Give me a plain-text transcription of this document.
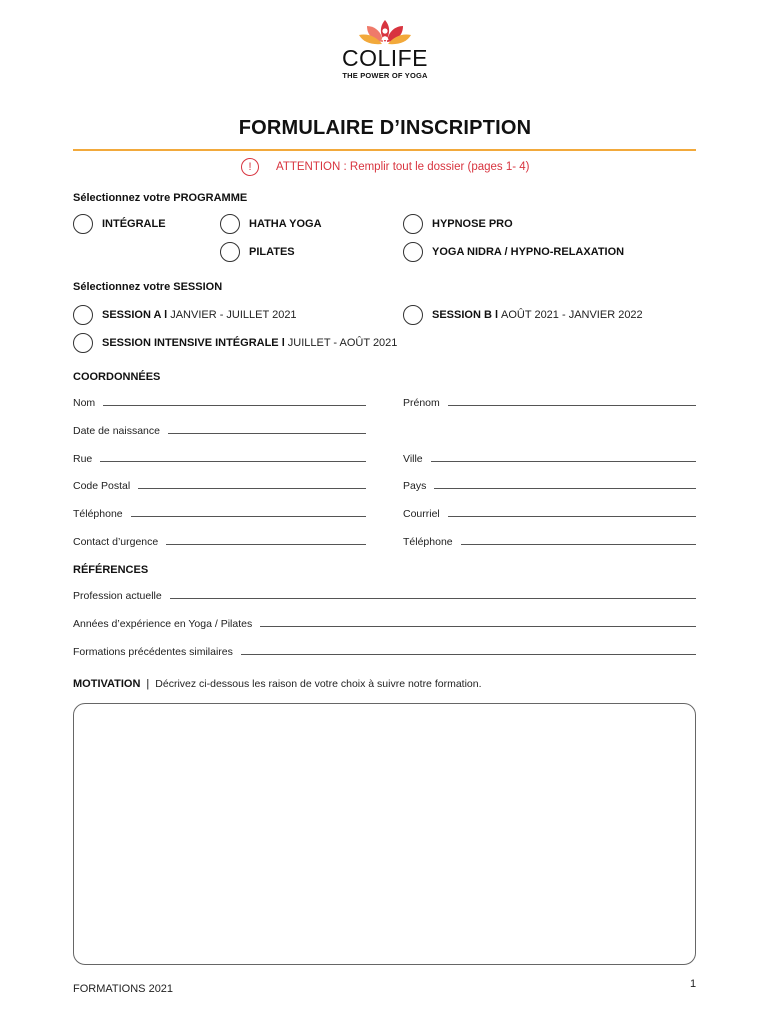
COLIFE
THE POWER OF YOGA
FORMULAIRE D’INSCRIPTION
!	ATTENTION : Remplir tout le dossier (pages 1- 4)
Sélectionnez votre PROGRAMME
INTÉGRALE	HATHA YOGA	HYPNOSE PRO
PILATES	YOGA NIDRA / HYPNO-RELAXATION
Sélectionnez votre SESSION
SESSION A l JANVIER - JUILLET 2021	SESSION B l AOÛT 2021 - JANVIER 2022
SESSION INTENSIVE INTÉGRALE l JUILLET - AOÛT 2021
COORDONNÉES
Nom	Prénom
Date de naissance
Rue	Ville
Code Postal	Pays
Téléphone	Courriel
Contact d’urgence	Téléphone
RÉFÉRENCES
Profession actuelle
Années d’expérience en Yoga / Pilates
Formations précédentes similaires
MOTIVATION | Décrivez ci-dessous les raison de votre choix à suivre notre formation.
FORMATIONS 2021	1
